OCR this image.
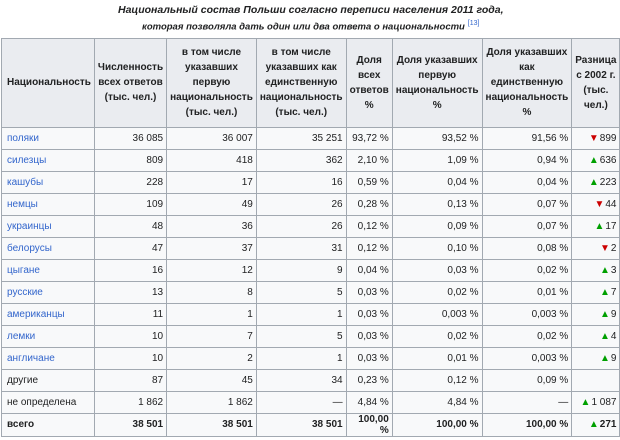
Национальный состав Польши согласно переписи населения 2011 года,
которая позволяла дать один или два ответа о национальности [13]
Национальность	Численность всех ответов (тыс. чел.)	в том числе указавших первую национальность (тыс. чел.)	в том числе указавших как единственную национальность (тыс. чел.)	Доля всех ответов %	Доля указавших первую национальность %	Доля указавших как единственную национальность %	Разница с 2002 г. (тыс. чел.)
поляки	36 085	36 007	35 251	93,72 %	93,52 %	91,56 %	▼899
силезцы	809	418	362	2,10 %	1,09 %	0,94 %	▲636
кашубы	228	17	16	0,59 %	0,04 %	0,04 %	▲223
немцы	109	49	26	0,28 %	0,13 %	0,07 %	▼44
украинцы	48	36	26	0,12 %	0,09 %	0,07 %	▲17
белорусы	47	37	31	0,12 %	0,10 %	0,08 %	▼2
цыгане	16	12	9	0,04 %	0,03 %	0,02 %	▲3
русские	13	8	5	0,03 %	0,02 %	0,01 %	▲7
американцы	11	1	1	0,03 %	0,003 %	0,003 %	▲9
лемки	10	7	5	0,03 %	0,02 %	0,02 %	▲4
англичане	10	2	1	0,03 %	0,01 %	0,003 %	▲9
другие	87	45	34	0,23 %	0,12 %	0,09 %	
не определена	1 862	1 862	—	4,84 %	4,84 %	—	▲1 087
всего	38 501	38 501	38 501	100,00 %	100,00 %	100,00 %	▲271
